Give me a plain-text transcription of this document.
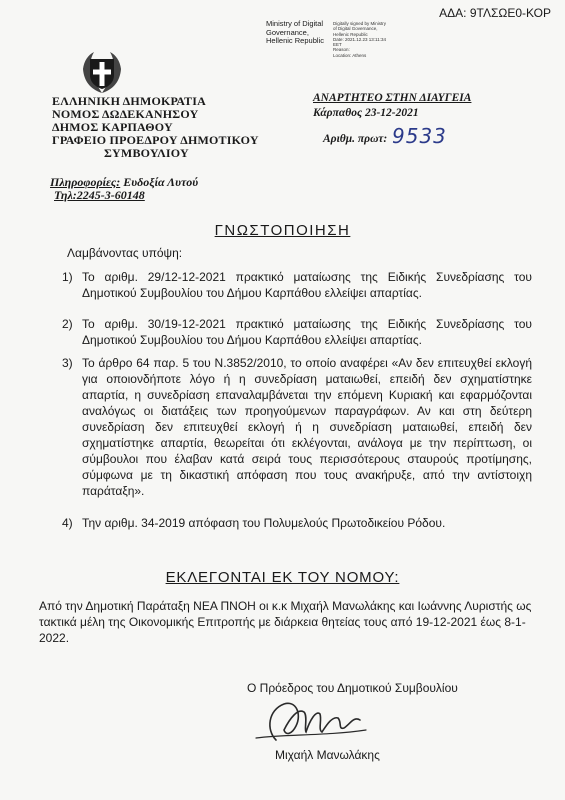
ΑΔΑ: 9ΤΛΣΩΕ0-ΚΟΡ
Ministry of Digital
Governance,
Hellenic Republic
Digitally signed by Ministry
of Digital Governance,
Hellenic Republic
Date: 2021.12.23 13:11:34
EET
Reason:
Location: Athens
ΕΛΛΗΝΙΚΗ ΔΗΜΟΚΡΑΤΙΑ
ΝΟΜΟΣ ΔΩΔΕΚΑΝΗΣΟΥ
ΔΗΜΟΣ ΚΑΡΠΑΘΟΥ
ΓΡΑΦΕΙΟ ΠΡΟΕΔΡΟΥ ΔΗΜΟΤΙΚΟΥ
ΣΥΜΒΟΥΛΙΟΥ
ΑΝΑΡΤΗΤΕΟ ΣΤΗΝ ΔΙΑΥΓΕΙΑ
Κάρπαθος 23-12-2021
Αριθμ. πρωτ: 9533
Πληροφορίες: Ευδοξία Λυτού
Τηλ:2245-3-60148
ΓΝΩΣΤΟΠΟΙΗΣΗ
Λαμβάνοντας υπόψη:
1) Το αριθμ. 29/12-12-2021 πρακτικό ματαίωσης της Ειδικής Συνεδρίασης του Δημοτικού Συμβουλίου του Δήμου Καρπάθου ελλείψει απαρτίας.
2) Το αριθμ. 30/19-12-2021 πρακτικό ματαίωσης της Ειδικής Συνεδρίασης του Δημοτικού Συμβουλίου του Δήμου Καρπάθου ελλείψει απαρτίας.
3) Το άρθρο 64 παρ. 5 του Ν.3852/2010, το οποίο αναφέρει «Αν δεν επιτευχθεί εκλογή για οποιονδήποτε λόγο ή η συνεδρίαση ματαιωθεί, επειδή δεν σχηματίστηκε απαρτία, η συνεδρίαση επαναλαμβάνεται την επόμενη Κυριακή και εφαρμόζονται αναλόγως οι διατάξεις των προηγούμενων παραγράφων. Αν και στη δεύτερη συνεδρίαση δεν επιτευχθεί εκλογή ή η συνεδρίαση ματαιωθεί, επειδή δεν σχηματίστηκε απαρτία, θεωρείται ότι εκλέγονται, ανάλογα με την περίπτωση, οι σύμβουλοι που έλαβαν κατά σειρά τους περισσότερους σταυρούς προτίμησης, σύμφωνα με τη δικαστική απόφαση που τους ανακήρυξε, από την αντίστοιχη παράταξη».
4) Την αριθμ. 34-2019 απόφαση του Πολυμελούς Πρωτοδικείου Ρόδου.
ΕΚΛΕΓΟΝΤΑΙ ΕΚ ΤΟΥ ΝΟΜΟΥ:
Από την Δημοτική Παράταξη ΝΕΑ ΠΝΟΗ οι κ.κ Μιχαήλ Μανωλάκης και Ιωάννης Λυριστής ως τακτικά μέλη της Οικονομικής Επιτροπής με διάρκεια θητείας τους από 19-12-2021 έως 8-1-2022.
Ο Πρόεδρος του Δημοτικού Συμβουλίου
Μιχαήλ Μανωλάκης
